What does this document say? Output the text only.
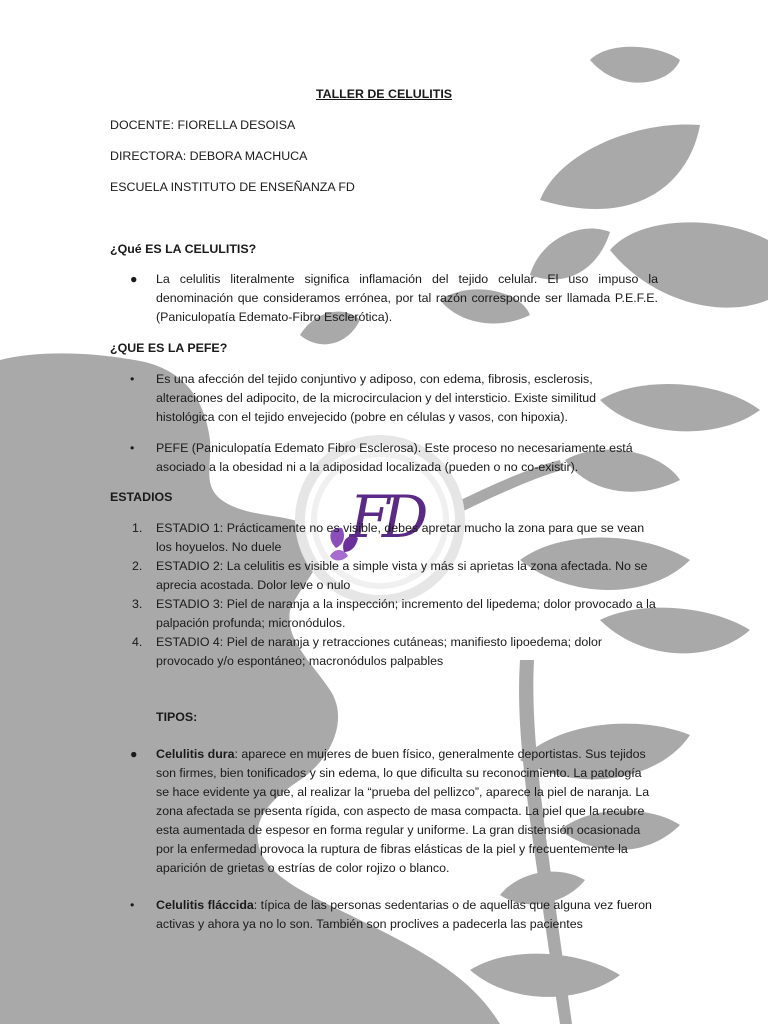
FD
TALLER DE CELULITIS
DOCENTE: FIORELLA DESOISA
DIRECTORA: DEBORA MACHUCA
ESCUELA INSTITUTO DE ENSEÑANZA FD
¿Qué ES LA CELULITIS?
● La celulitis literalmente significa inflamación del tejido celular. El uso impuso la denominación que consideramos errónea, por tal razón corresponde ser llamada P.E.F.E. (Paniculopatía Edemato-Fibro Esclerótica).
¿QUE ES LA PEFE?
• Es una afección del tejido conjuntivo y adiposo, con edema, fibrosis, esclerosis, alteraciones del adipocito, de la microcirculacion y del intersticio. Existe similitud histológica con el tejido envejecido (pobre en células y vasos, con hipoxia).
• PEFE (Paniculopatía Edemato Fibro Esclerosa). Este proceso no necesariamente está asociado a la obesidad ni a la adiposidad localizada (pueden o no co-existir).
ESTADIOS
1. ESTADIO 1: Prácticamente no es visible, debes apretar mucho la zona para que se vean los hoyuelos. No duele
2. ESTADIO 2: La celulitis es visible a simple vista y más si aprietas la zona afectada. No se aprecia acostada. Dolor leve o nulo
3. ESTADIO 3: Piel de naranja a la inspección; incremento del lipedema; dolor provocado a la palpación profunda; micronódulos.
4. ESTADIO 4: Piel de naranja y retracciones cutáneas; manifiesto lipoedema; dolor provocado y/o espontáneo; macronódulos palpables
TIPOS:
● Celulitis dura: aparece en mujeres de buen físico, generalmente deportistas. Sus tejidos son firmes, bien tonificados y sin edema, lo que dificulta su reconocimiento. La patología se hace evidente ya que, al realizar la “prueba del pellizco”, aparece la piel de naranja. La zona afectada se presenta rígida, con aspecto de masa compacta. La piel que la recubre esta aumentada de espesor en forma regular y uniforme. La gran distensión ocasionada por la enfermedad provoca la ruptura de fibras elásticas de la piel y frecuentemente la aparición de grietas o estrías de color rojizo o blanco.
• Celulitis fláccida: típica de las personas sedentarias o de aquellas que alguna vez fueron activas y ahora ya no lo son. También son proclives a padecerla las pacientes
